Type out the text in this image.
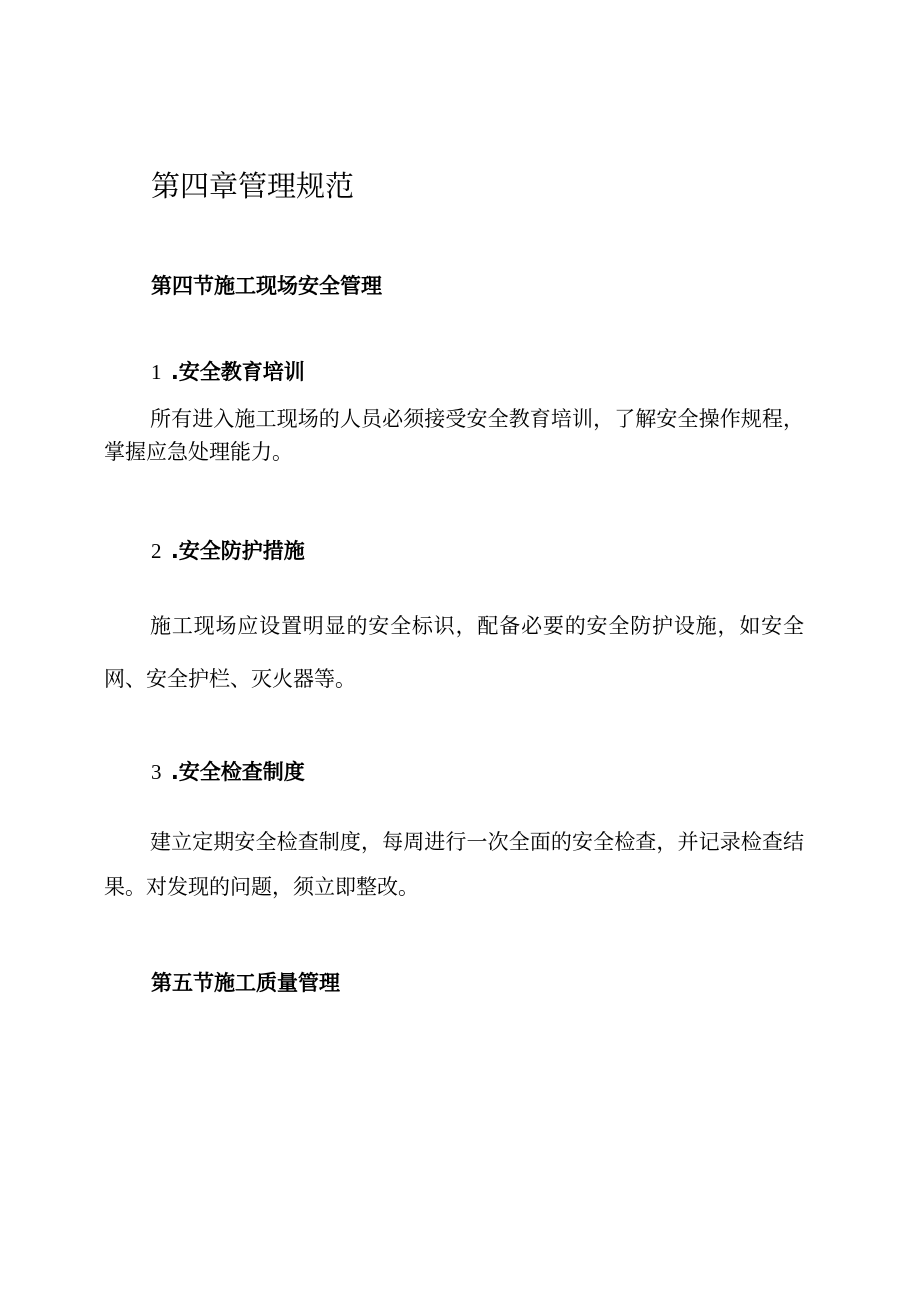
第四章管理规范
第四节施工现场安全管理
1 .安全教育培训

所有进入施工现场的人员必须接受安全教育培训，了解安全操作规程，掌握应急处理能力。

2 .安全防护措施

施工现场应设置明显的安全标识，配备必要的安全防护设施，如安全网、安全护栏、灭火器等。

3 .安全检查制度

建立定期安全检查制度，每周进行一次全面的安全检查，并记录检查结果。对发现的问题，须立即整改。

第五节施工质量管理
